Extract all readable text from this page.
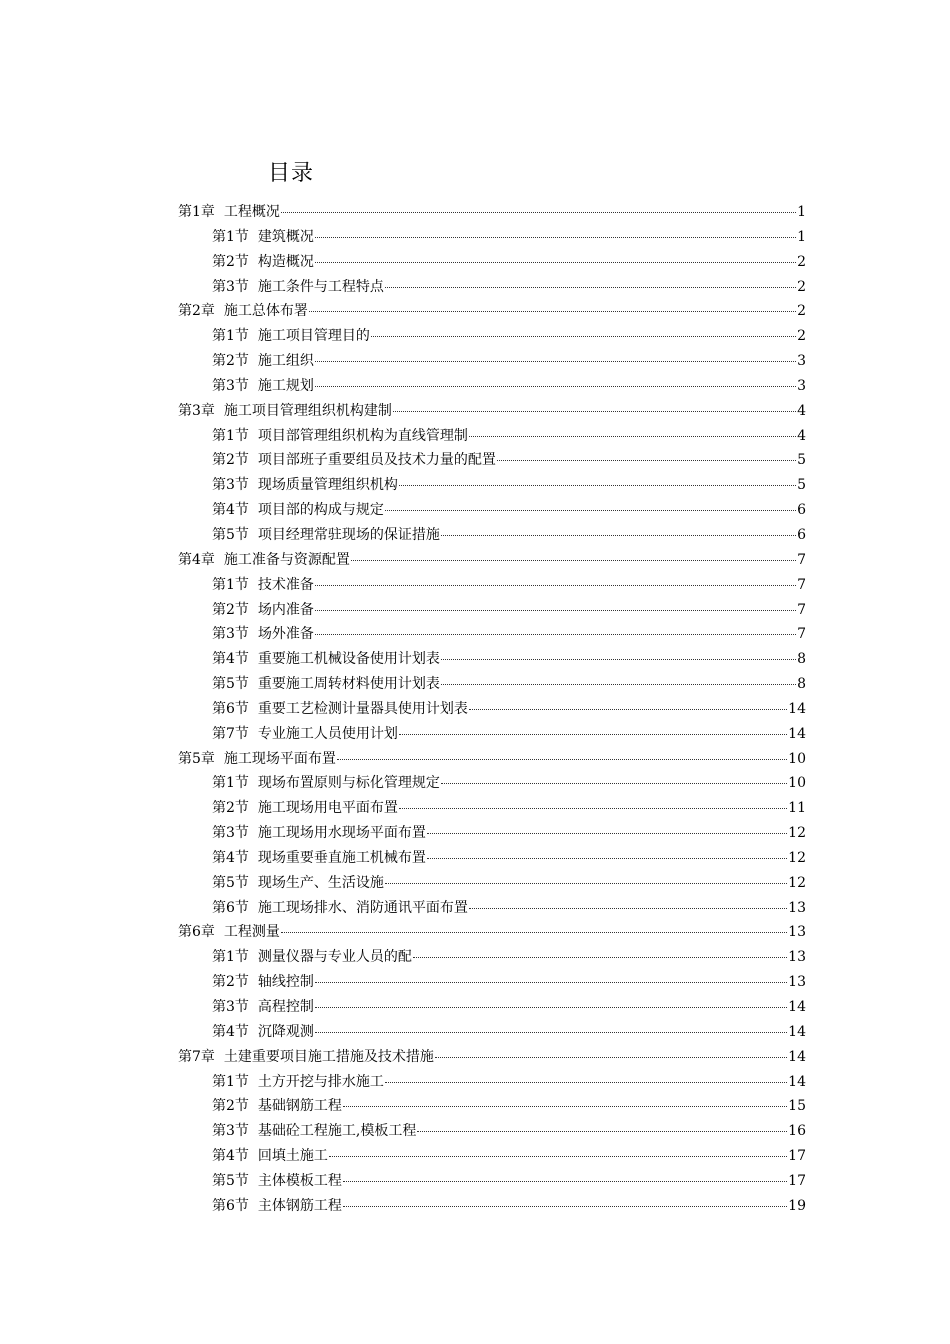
目录
第1章 工程概况	1
第1节 建筑概况	1
第2节 构造概况	2
第3节 施工条件与工程特点	2
第2章 施工总体布署	2
第1节 施工项目管理目的	2
第2节 施工组织	3
第3节 施工规划	3
第3章 施工项目管理组织机构建制	4
第1节 项目部管理组织机构为直线管理制	4
第2节 项目部班子重要组员及技术力量的配置	5
第3节 现场质量管理组织机构	5
第4节 项目部的构成与规定	6
第5节 项目经理常驻现场的保证措施	6
第4章 施工准备与资源配置	7
第1节 技术准备	7
第2节 场内准备	7
第3节 场外准备	7
第4节 重要施工机械设备使用计划表	8
第5节 重要施工周转材料使用计划表	8
第6节 重要工艺检测计量器具使用计划表	14
第7节 专业施工人员使用计划	14
第5章 施工现场平面布置	10
第1节 现场布置原则与标化管理规定	10
第2节 施工现场用电平面布置	11
第3节 施工现场用水现场平面布置	12
第4节 现场重要垂直施工机械布置	12
第5节 现场生产、生活设施	12
第6节 施工现场排水、消防通讯平面布置	13
第6章 工程测量	13
第1节 测量仪器与专业人员的配	13
第2节 轴线控制	13
第3节 高程控制	14
第4节 沉降观测	14
第7章 土建重要项目施工措施及技术措施	14
第1节 土方开挖与排水施工	14
第2节 基础钢筋工程	15
第3节 基础砼工程施工,模板工程	16
第4节 回填土施工	17
第5节 主体模板工程	17
第6节 主体钢筋工程	19
